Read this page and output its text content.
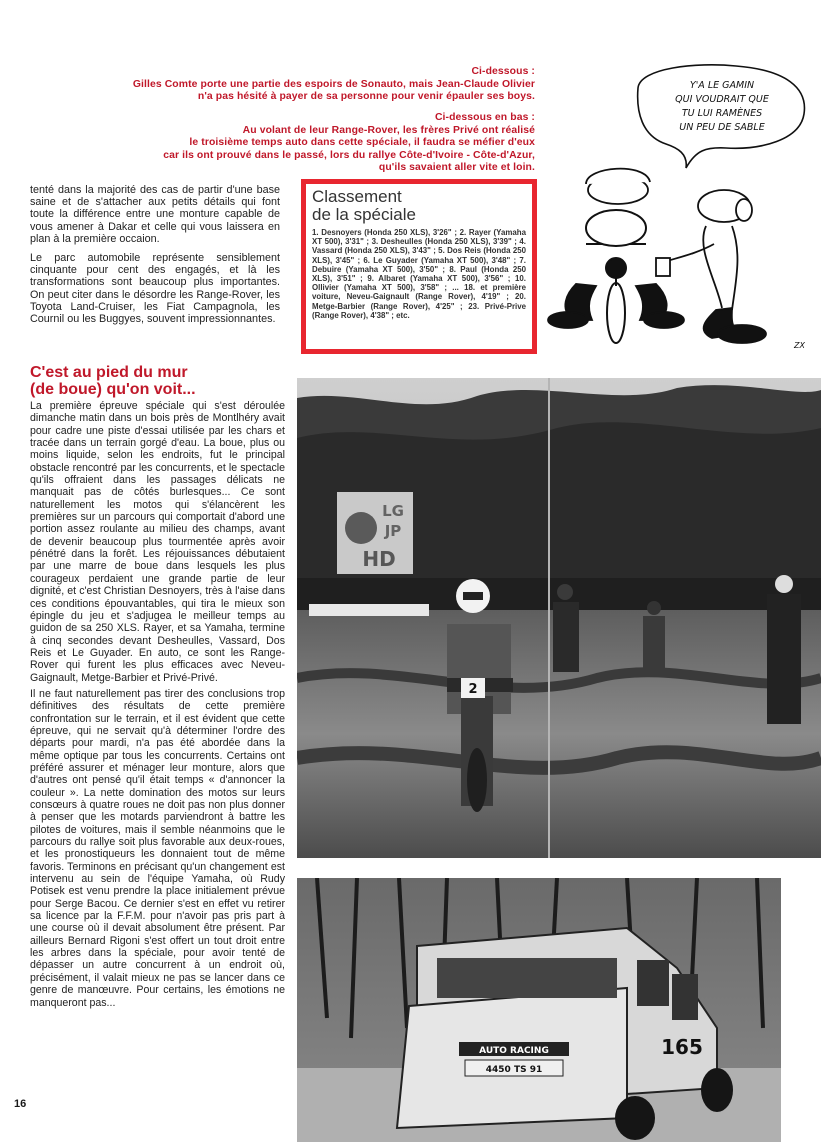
Ci-dessous :
Gilles Comte porte une partie des espoirs de Sonauto, mais Jean-Claude Olivier
n'a pas hésité à payer de sa personne pour venir épauler ses boys.
Ci-dessous en bas :
Au volant de leur Range-Rover, les frères Privé ont réalisé
le troisième temps auto dans cette spéciale, il faudra se méfier d'eux
car ils ont prouvé dans le passé, lors du rallye Côte-d'Ivoire - Côte-d'Azur,
qu'ils savaient aller vite et loin.

tenté dans la majorité des cas de partir d'une base saine et de s'attacher aux petits détails qui font toute la différence entre une monture capable de vous amener à Dakar et celle qui vous laissera en plan à la première occaion.

Le parc automobile représente sensiblement cinquante pour cent des engagés, et là les transformations sont beaucoup plus importantes. On peut citer dans le désordre les Range-Rover, les Toyota Land-Cruiser, les Fiat Campagnola, les Cournil ou les Buggyes, souvent impressionnantes.

Classement
de la spéciale
1. Desnoyers (Honda 250 XLS), 3'26" ; 2. Rayer (Yamaha XT 500), 3'31" ; 3. Desheulles (Honda 250 XLS), 3'39" ; 4. Vassard (Honda 250 XLS), 3'43" ; 5. Dos Reis (Honda 250 XLS), 3'45" ; 6. Le Guyader (Yamaha XT 500), 3'48" ; 7. Debuire (Yamaha XT 500), 3'50" ; 8. Paul (Honda 250 XLS), 3'51" ; 9. Albaret (Yamaha XT 500), 3'56" ; 10. Ollivier (Yamaha XT 500), 3'58" ; ... 18. et première voiture, Neveu-Gaignault (Range Rover), 4'19" ; 20. Metge-Barbier (Range Rover), 4'25" ; 23. Privé-Prive (Range Rover), 4'38" ; etc.
Y'A LE GAMIN
QUI VOUDRAIT QUE
TU LUI RAMÈNES
UN PEU DE SABLE
ZX
C'est au pied du mur
(de boue) qu'on voit...

La première épreuve spéciale qui s'est déroulée dimanche matin dans un bois près de Montlhéry avait pour cadre une piste d'essai utilisée par les chars et tracée dans un terrain gorgé d'eau. La boue, plus ou moins liquide, selon les endroits, fut le principal obstacle rencontré par les concurrents, et le spectacle qu'ils offraient dans les passages délicats ne manquait pas de côtés burlesques... Ce sont naturellement les motos qui s'élancèrent les premières sur un parcours qui comportait d'abord une portion assez roulante au milieu des champs, avant de devenir beaucoup plus tourmentée après avoir pénétré dans la forêt. Les réjouissances débutaient par une marre de boue dans lesquels les plus courageux perdaient une grande partie de leur dignité, et c'est Christian Desnoyers, très à l'aise dans ces conditions épouvantables, qui tira le mieux son épingle du jeu et s'adjugea le meilleur temps au guidon de sa 250 XLS. Rayer, et sa Yamaha, termine à cinq secondes devant Desheulles, Vassard, Dos Reis et Le Guyader. En auto, ce sont les Range-Rover qui furent les plus efficaces avec Neveu-Gaignault, Metge-Barbier et Privé-Privé.

Il ne faut naturellement pas tirer des conclusions trop définitives des résultats de cette première confrontation sur le terrain, et il est évident que cette épreuve, qui ne servait qu'à déterminer l'ordre des départs pour mardi, n'a pas été abordée dans la même optique par tous les concurrents. Certains ont préféré assurer et ménager leur monture, alors que d'autres ont pensé qu'il était temps « d'annoncer la couleur ». La nette domination des motos sur leurs consœurs à quatre roues ne doit pas non plus donner à penser que les motards parviendront à battre les pilotes de voitures, mais il semble néanmoins que le parcours du rallye soit plus favorable aux deux-roues, et les pronostiqueurs les donnaient tout de même favoris. Terminons en précisant qu'un changement est intervenu au sein de l'équipe Yamaha, où Rudy Potisek est venu prendre la place initialement prévue pour Serge Bacou. Ce dernier s'est en effet vu retirer sa licence par la F.F.M. pour n'avoir pas pris part à une course où il devait absolument être présent. Par ailleurs Bernard Rigoni s'est offert un tout droit entre les arbres dans la spéciale, pour avoir tenté de dépasser un autre concurrent à un endroit où, précisément, il valait mieux ne pas se lancer dans ce genre de manœuvre. Pour certains, les émotions ne manqueront pas...

16
2
LG
JP
HD
165
AUTO RACING
4450 TS 91
